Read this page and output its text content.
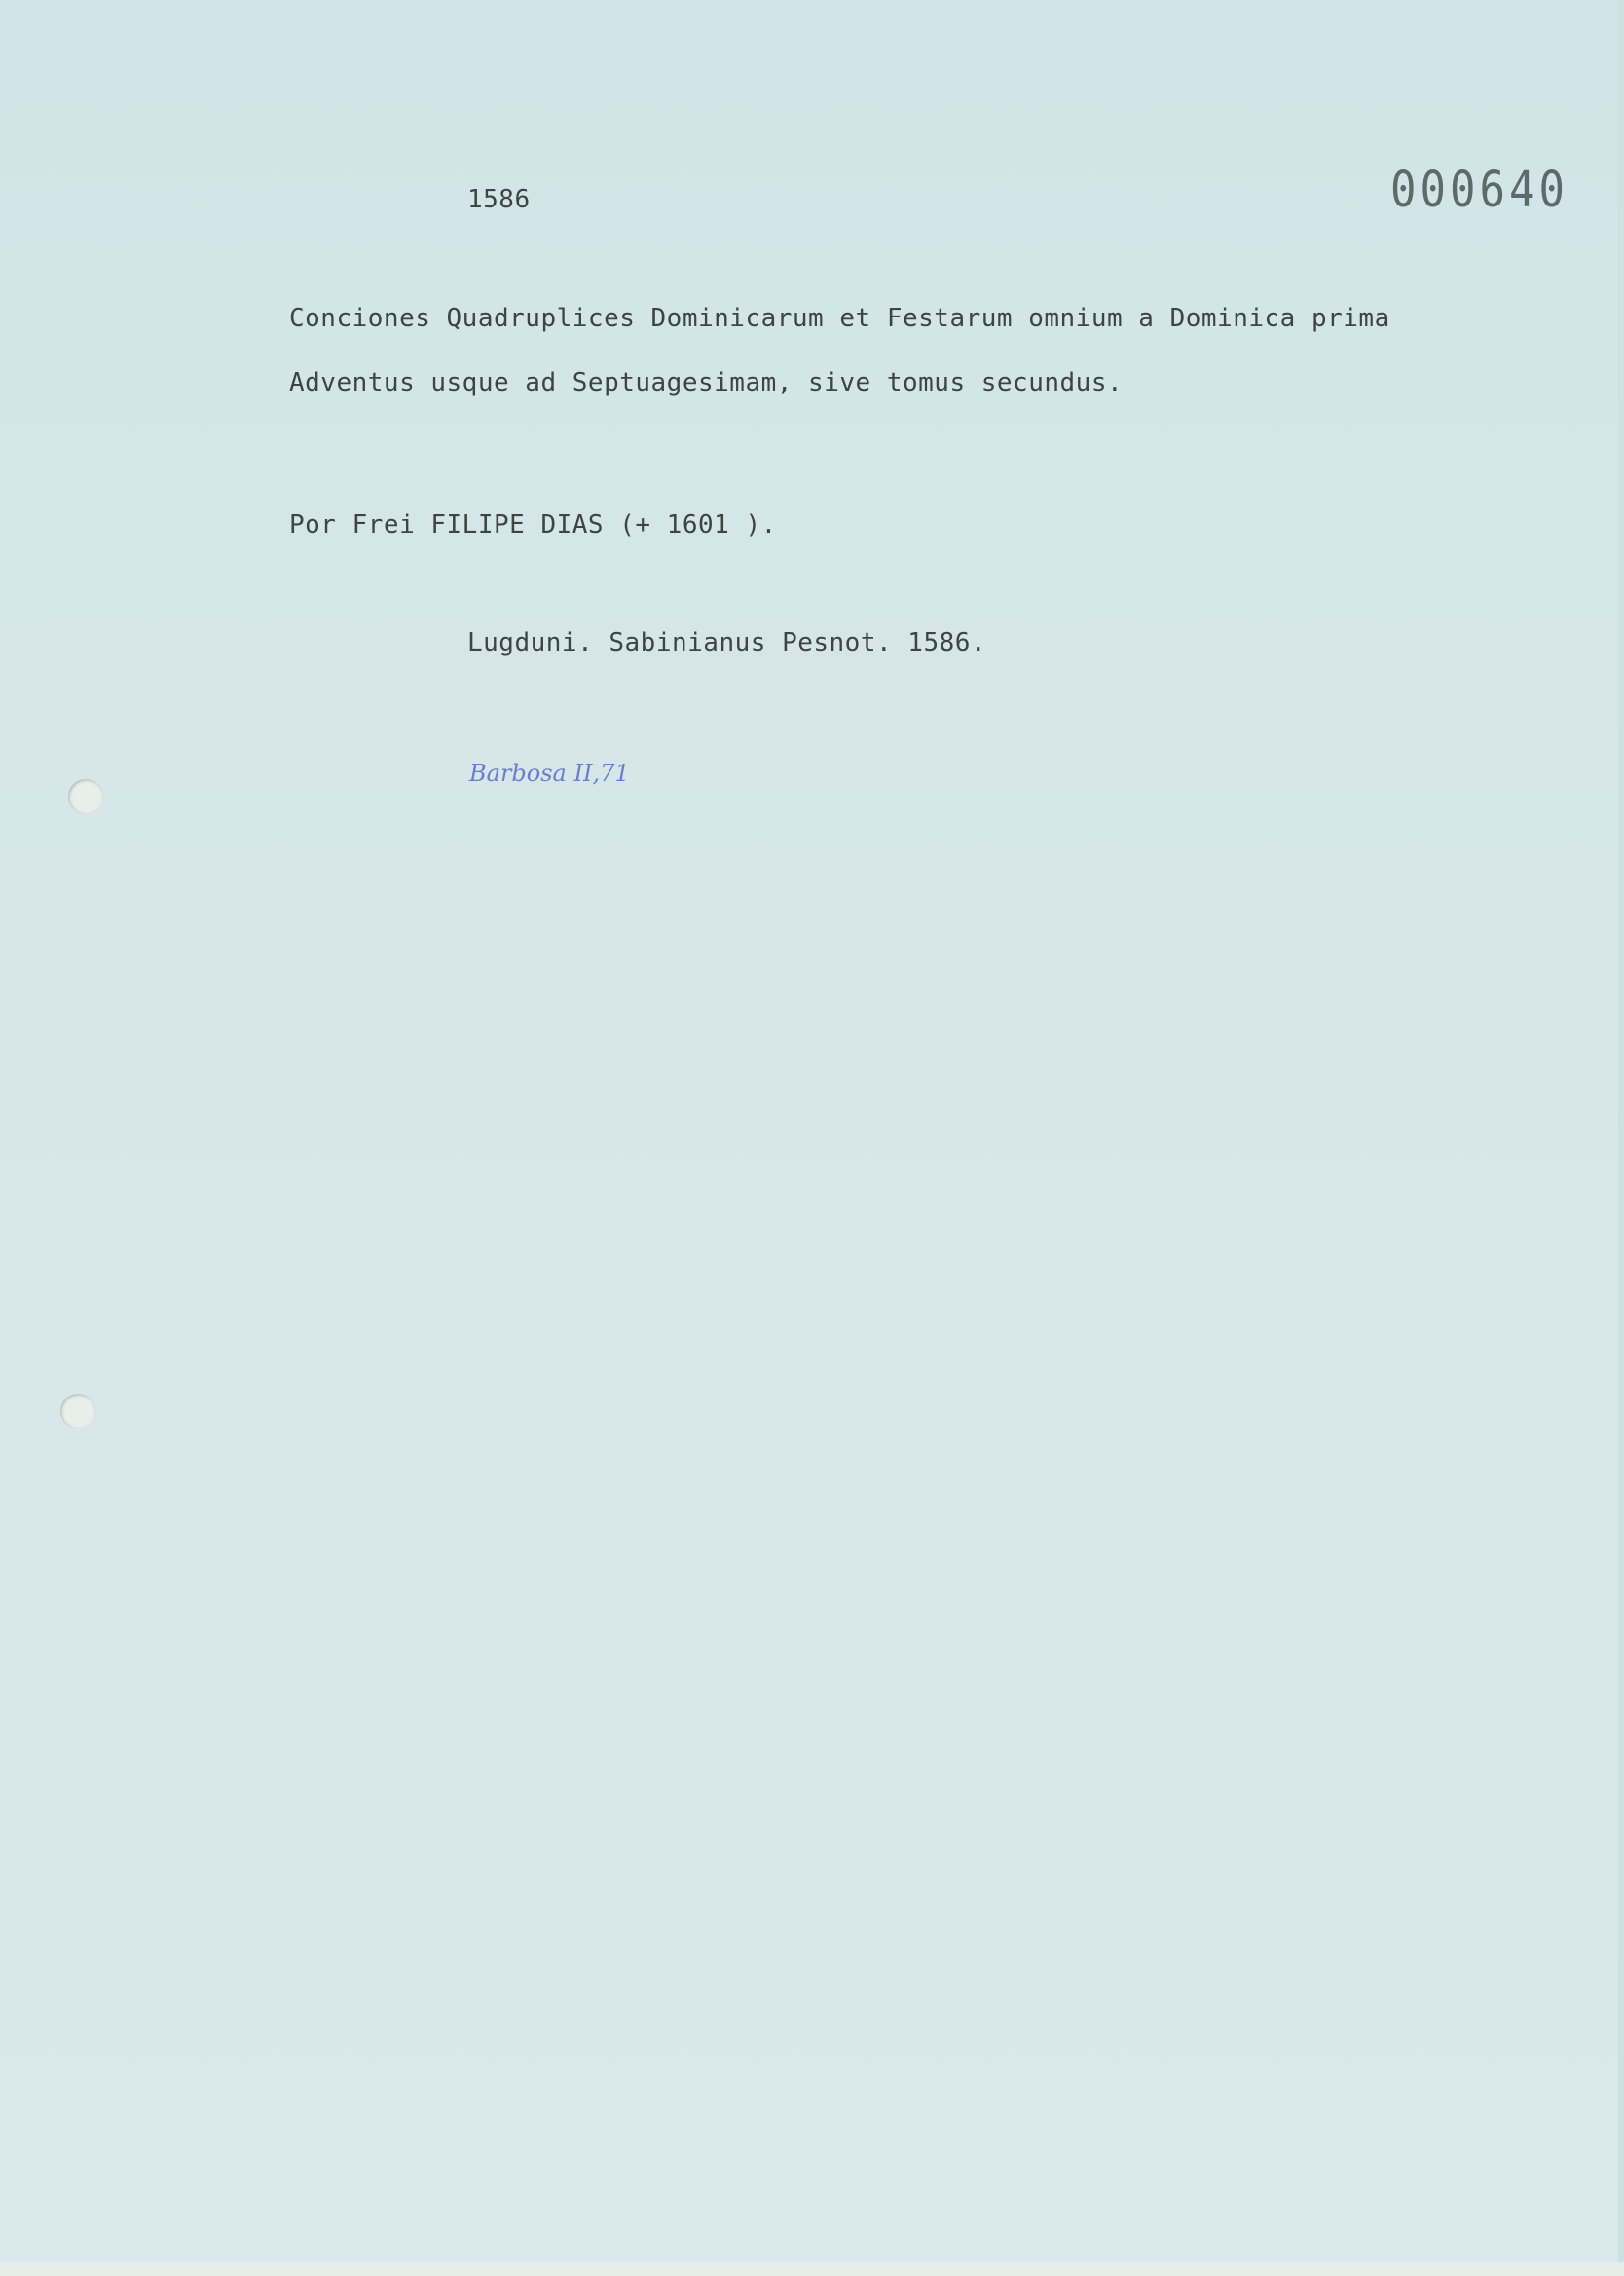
1586	000640
Conciones Quadruplices Dominicarum et Festarum omnium a Dominica prima
Adventus usque ad Septuagesimam, sive tomus secundus.
Por Frei FILIPE DIAS (+ 1601 ).
Lugduni. Sabinianus Pesnot. 1586.
Barbosa II,71
